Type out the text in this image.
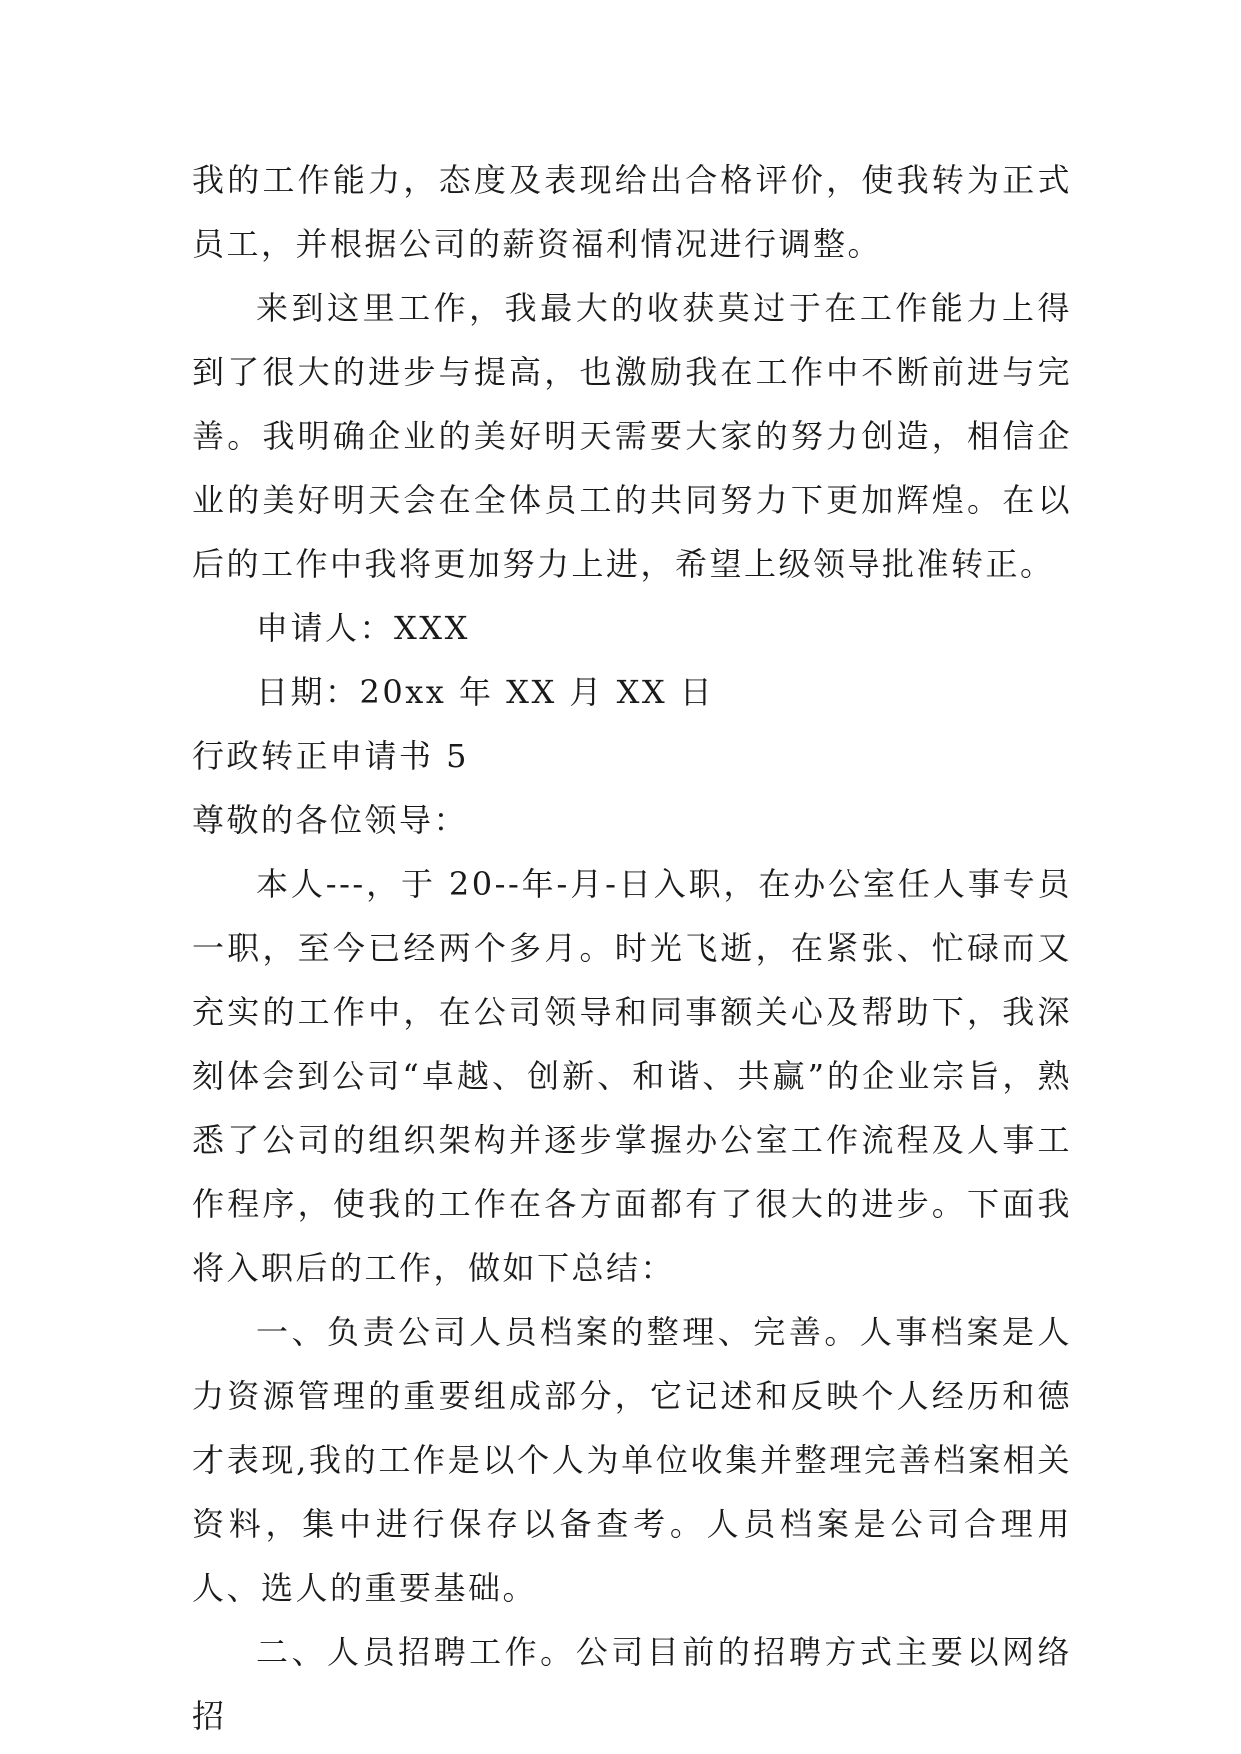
我的工作能力，态度及表现给出合格评价，使我转为正式员工，并根据公司的薪资福利情况进行调整。

来到这里工作，我最大的收获莫过于在工作能力上得到了很大的进步与提高，也激励我在工作中不断前进与完善。我明确企业的美好明天需要大家的努力创造，相信企业的美好明天会在全体员工的共同努力下更加辉煌。在以后的工作中我将更加努力上进，希望上级领导批准转正。

申请人：XXX

日期：20xx 年 XX 月 XX 日

行政转正申请书 5

尊敬的各位领导：

本人---，于 20--年-月-日入职，在办公室任人事专员一职，至今已经两个多月。时光飞逝，在紧张、忙碌而又充实的工作中，在公司领导和同事额关心及帮助下，我深刻体会到公司“卓越、创新、和谐、共赢”的企业宗旨，熟悉了公司的组织架构并逐步掌握办公室工作流程及人事工作程序，使我的工作在各方面都有了很大的进步。下面我将入职后的工作，做如下总结：

一、负责公司人员档案的整理、完善。人事档案是人力资源管理的重要组成部分，它记述和反映个人经历和德才表现,我的工作是以个人为单位收集并整理完善档案相关资料，集中进行保存以备查考。人员档案是公司合理用人、选人的重要基础。

二、人员招聘工作。公司目前的招聘方式主要以网络招
